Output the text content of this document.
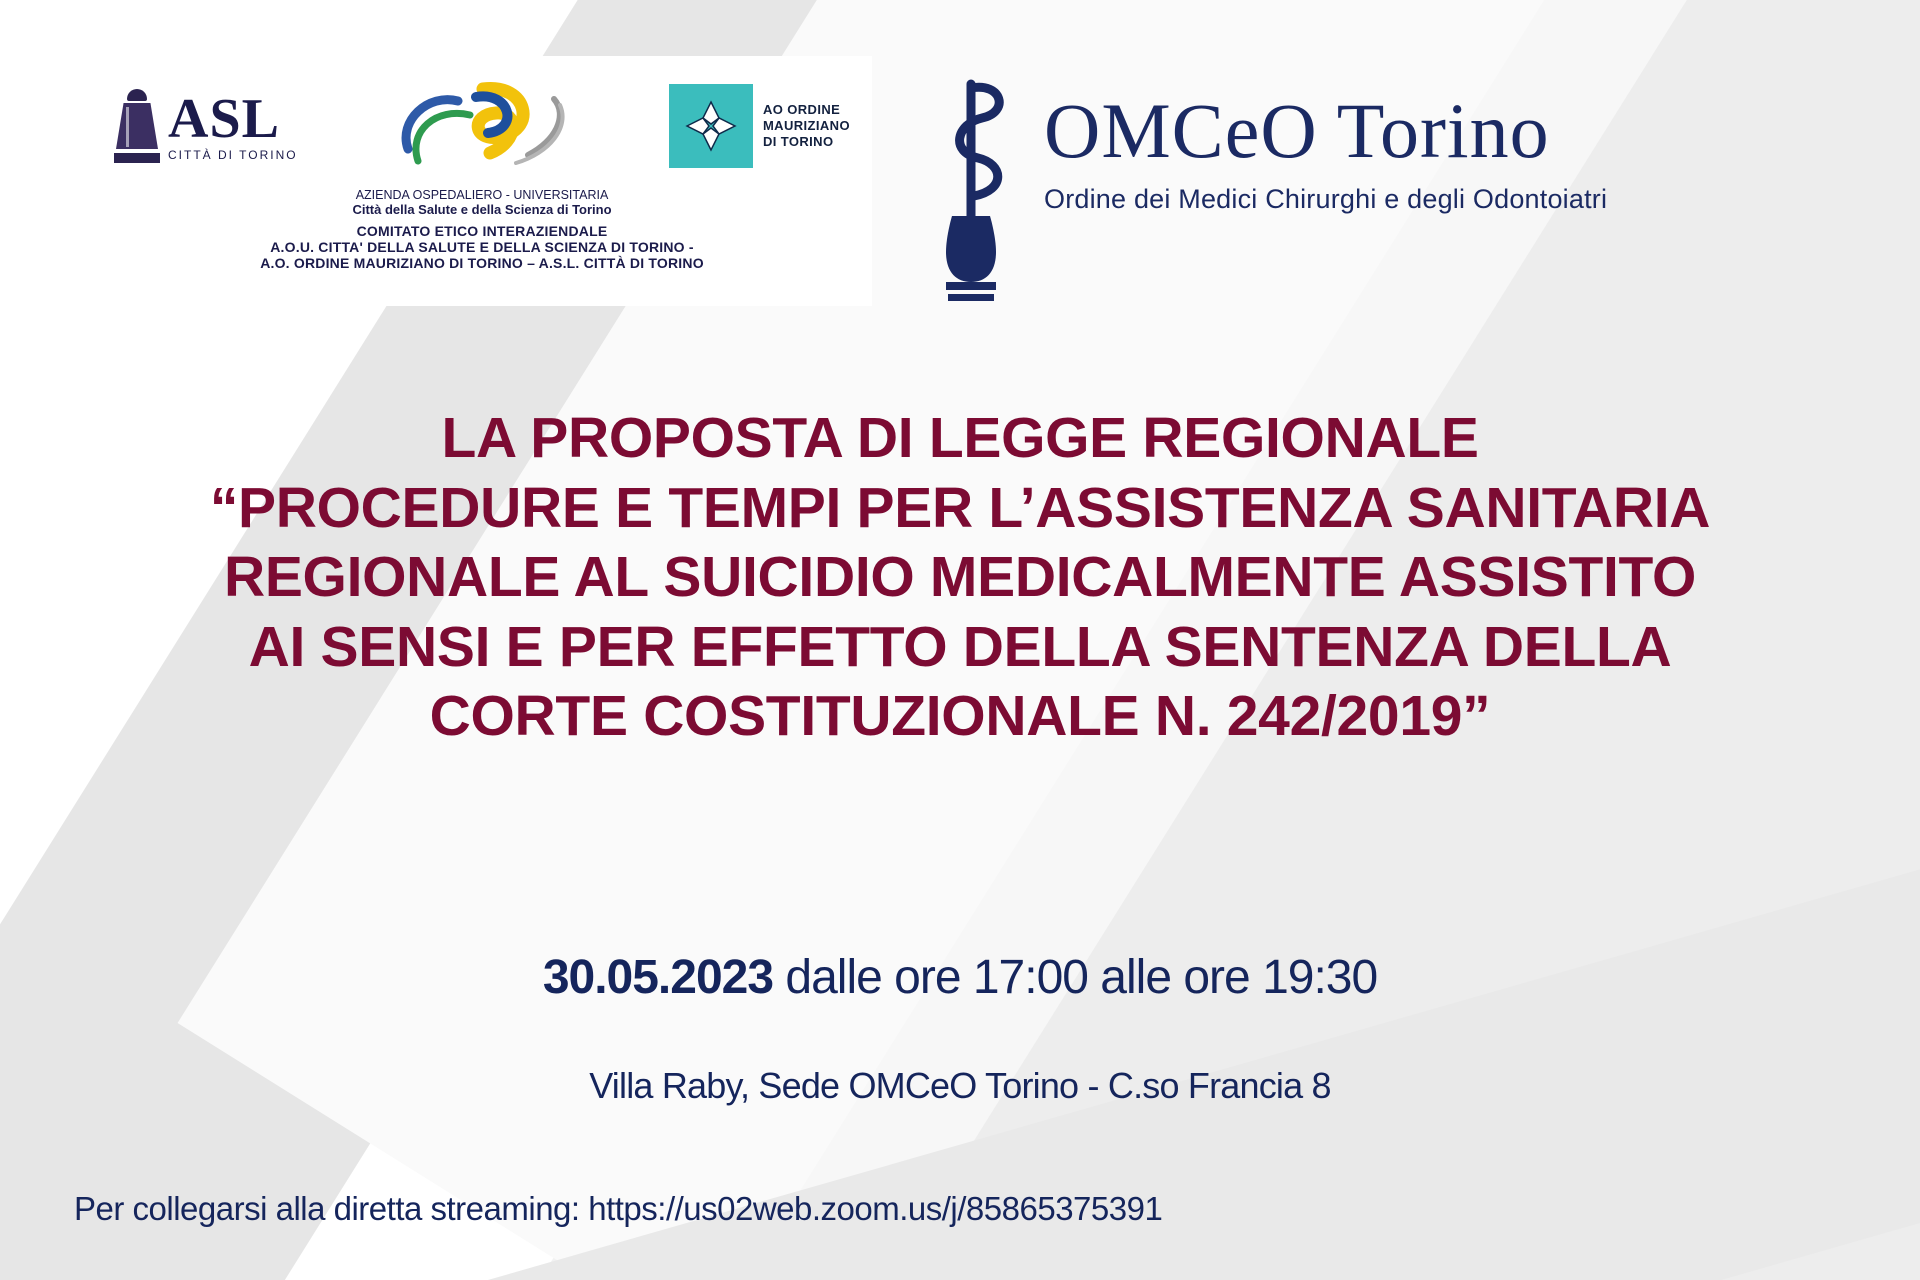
ASL
CITTÀ DI TORINO
AO ORDINE
MAURIZIANO
DI TORINO
AZIENDA OSPEDALIERO - UNIVERSITARIA
Città della Salute e della Scienza di Torino
COMITATO ETICO INTERAZIENDALE
A.O.U. CITTA' DELLA SALUTE E DELLA SCIENZA DI TORINO -
A.O. ORDINE MAURIZIANO DI TORINO – A.S.L. CITTÀ DI TORINO
OMCeO Torino
Ordine dei Medici Chirurghi e degli Odontoiatri
LA PROPOSTA DI LEGGE REGIONALE
“PROCEDURE E TEMPI PER L’ASSISTENZA SANITARIA
REGIONALE AL SUICIDIO MEDICALMENTE ASSISTITO
AI SENSI E PER EFFETTO DELLA SENTENZA DELLA
CORTE COSTITUZIONALE N. 242/2019”
30.05.2023 dalle ore 17:00 alle ore 19:30
Villa Raby, Sede OMCeO Torino - C.so Francia 8
Per collegarsi alla diretta streaming: https://us02web.zoom.us/j/85865375391
